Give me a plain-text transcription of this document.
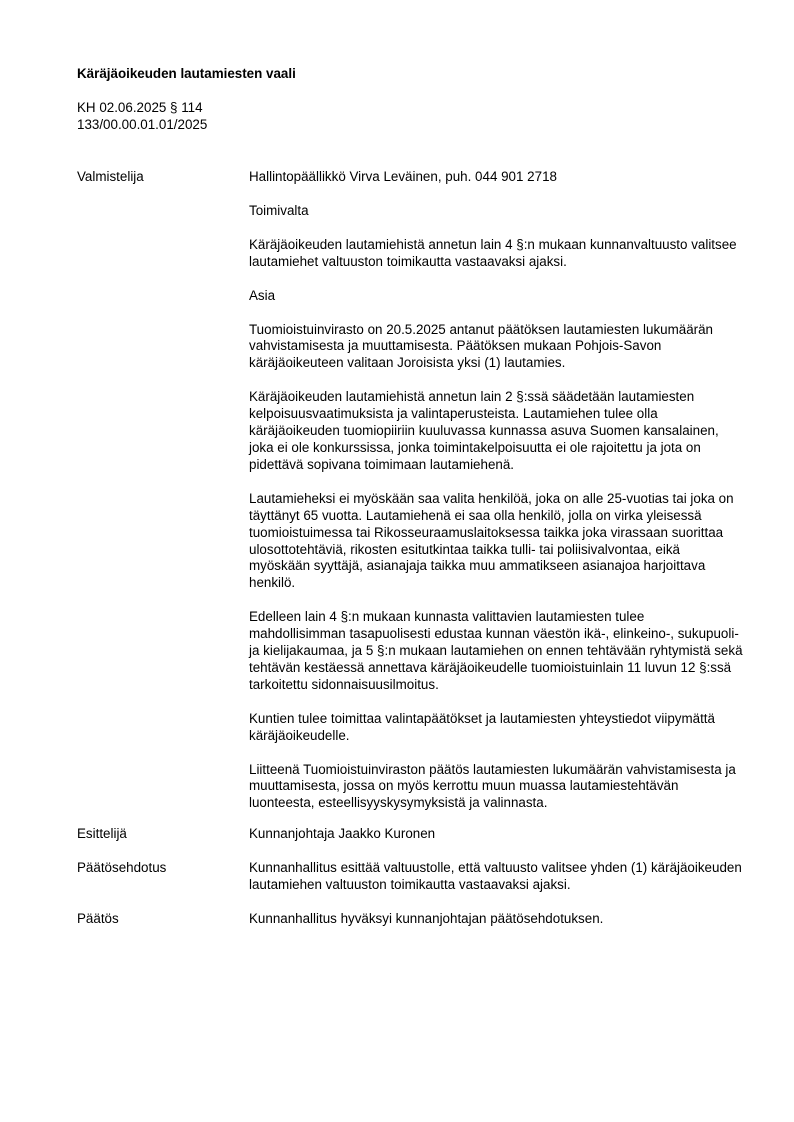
Käräjäoikeuden lautamiesten vaali
KH 02.06.2025 § 114
133/00.00.01.01/2025
Valmistelija	Hallintopäällikkö Virva Leväinen, puh. 044 901 2718

Toimivalta

Käräjäoikeuden lautamiehistä annetun lain 4 §:n mukaan kunnanvaltuusto valitsee lautamiehet valtuuston toimikautta vastaavaksi ajaksi.

Asia

Tuomioistuinvirasto on 20.5.2025 antanut päätöksen lautamiesten lukumäärän vahvistamisesta ja muuttamisesta. Päätöksen mukaan Pohjois-Savon käräjäoikeuteen valitaan Joroisista yksi (1) lautamies.

Käräjäoikeuden lautamiehistä annetun lain 2 §:ssä säädetään lautamiesten kelpoisuusvaatimuksista ja valintaperusteista. Lautamiehen tulee olla käräjäoikeuden tuomiopiiriin kuuluvassa kunnassa asuva Suomen kansalainen, joka ei ole konkurssissa, jonka toimintakelpoisuutta ei ole rajoitettu ja jota on pidettävä sopivana toimimaan lautamiehenä.

Lautamieheksi ei myöskään saa valita henkilöä, joka on alle 25-vuotias tai joka on täyttänyt 65 vuotta. Lautamiehenä ei saa olla henkilö, jolla on virka yleisessä tuomioistuimessa tai Rikosseuraamuslaitoksessa taikka joka virassaan suorittaa ulosottotehtäviä, rikosten esitutkintaa taikka tulli- tai poliisivalvontaa, eikä myöskään syyttäjä, asianajaja taikka muu ammatikseen asianajoa harjoittava henkilö.

Edelleen lain 4 §:n mukaan kunnasta valittavien lautamiesten tulee mahdollisimman tasapuolisesti edustaa kunnan väestön ikä-, elinkeino-, sukupuoli- ja kielijakaumaa, ja 5 §:n mukaan lautamiehen on ennen tehtävään ryhtymistä sekä tehtävän kestäessä annettava käräjäoikeudelle tuomioistuinlain 11 luvun 12 §:ssä tarkoitettu sidonnaisuusilmoitus.

Kuntien tulee toimittaa valintapäätökset ja lautamiesten yhteystiedot viipymättä käräjäoikeudelle.

Liitteenä Tuomioistuinviraston päätös lautamiesten lukumäärän vahvistamisesta ja muuttamisesta, jossa on myös kerrottu muun muassa lautamiestehtävän luonteesta, esteellisyyskysymyksistä ja valinnasta.

Esittelijä	Kunnanjohtaja Jaakko Kuronen

Päätösehdotus	Kunnanhallitus esittää valtuustolle, että valtuusto valitsee yhden (1) käräjäoikeuden lautamiehen valtuuston toimikautta vastaavaksi ajaksi.

Päätös	Kunnanhallitus hyväksyi kunnanjohtajan päätösehdotuksen.
